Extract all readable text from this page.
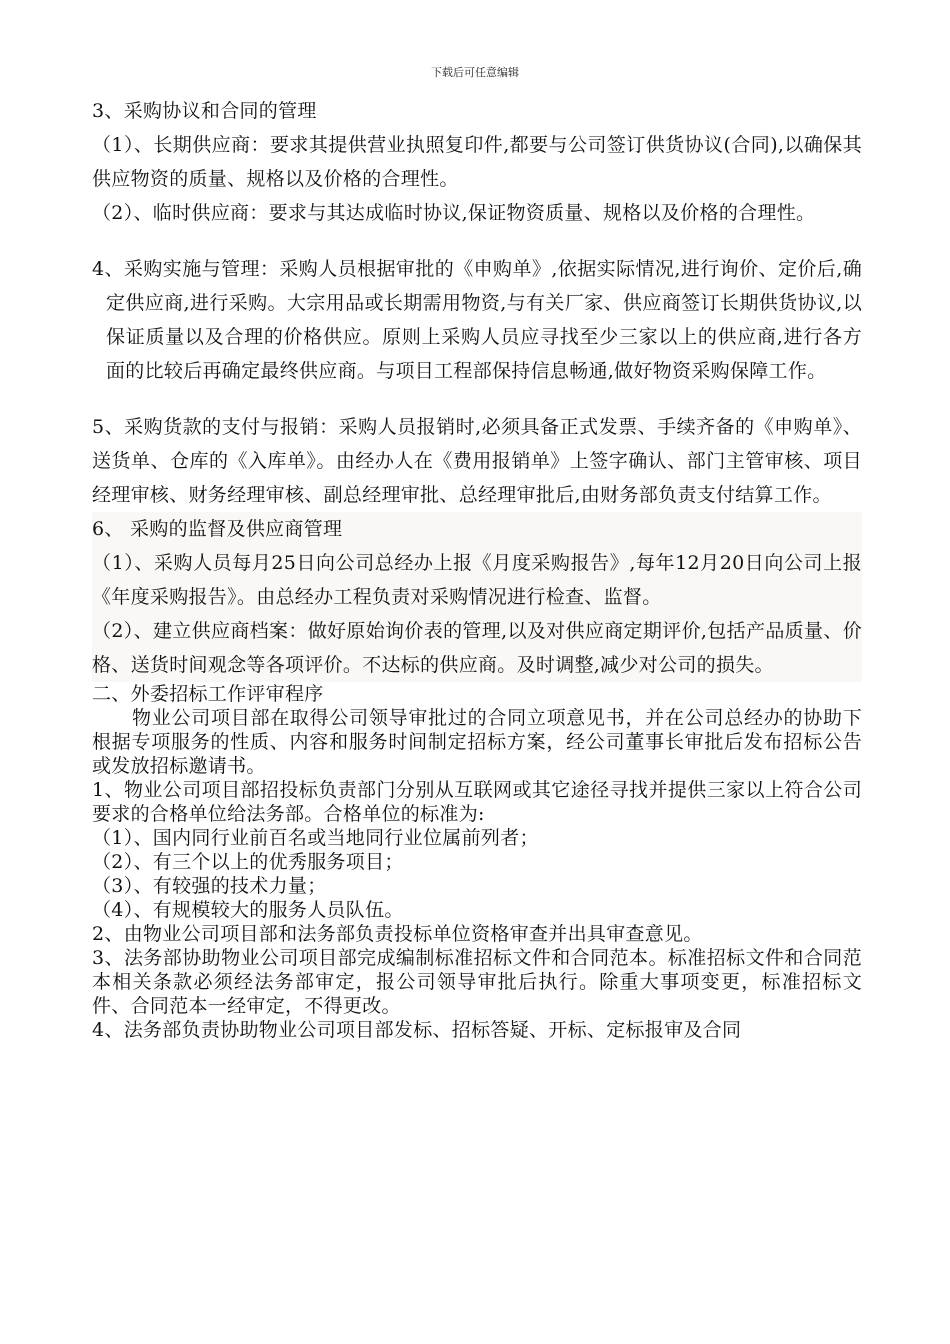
下载后可任意编辑

3、采购协议和合同的管理

（1）、长期供应商：要求其提供营业执照复印件,都要与公司签订供货协议(合同),以确保其供应物资的质量、规格以及价格的合理性。

（2）、临时供应商：要求与其达成临时协议,保证物资质量、规格以及价格的合理性。

4、采购实施与管理：采购人员根据审批的《申购单》,依据实际情况,进行询价、定价后,确定供应商,进行采购。大宗用品或长期需用物资,与有关厂家、供应商签订长期供货协议,以保证质量以及合理的价格供应。原则上采购人员应寻找至少三家以上的供应商,进行各方面的比较后再确定最终供应商。与项目工程部保持信息畅通,做好物资采购保障工作。

5、采购货款的支付与报销：采购人员报销时,必须具备正式发票、手续齐备的《申购单》、送货单、仓库的《入库单》。由经办人在《费用报销单》上签字确认、部门主管审核、项目经理审核、财务经理审核、副总经理审批、总经理审批后,由财务部负责支付结算工作。

6、 采购的监督及供应商管理

（1）、采购人员每月25日向公司总经办上报《月度采购报告》,每年12月20日向公司上报《年度采购报告》。由总经办工程负责对采购情况进行检查、监督。

（2）、建立供应商档案：做好原始询价表的管理,以及对供应商定期评价,包括产品质量、价格、送货时间观念等各项评价。不达标的供应商。及时调整,减少对公司的损失。

二、外委招标工作评审程序

物业公司项目部在取得公司领导审批过的合同立项意见书，并在公司总经办的协助下根据专项服务的性质、内容和服务时间制定招标方案，经公司董事长审批后发布招标公告或发放招标邀请书。

1、物业公司项目部招投标负责部门分别从互联网或其它途径寻找并提供三家以上符合公司要求的合格单位给法务部。合格单位的标准为:

（1）、国内同行业前百名或当地同行业位属前列者；

（2）、有三个以上的优秀服务项目；

（3）、有较强的技术力量；

（4）、有规模较大的服务人员队伍。

2、由物业公司项目部和法务部负责投标单位资格审查并出具审查意见。

3、法务部协助物业公司项目部完成编制标准招标文件和合同范本。标准招标文件和合同范本相关条款必须经法务部审定，报公司领导审批后执行。除重大事项变更，标准招标文件、合同范本一经审定，不得更改。

4、法务部负责协助物业公司项目部发标、招标答疑、开标、定标报审及合同
